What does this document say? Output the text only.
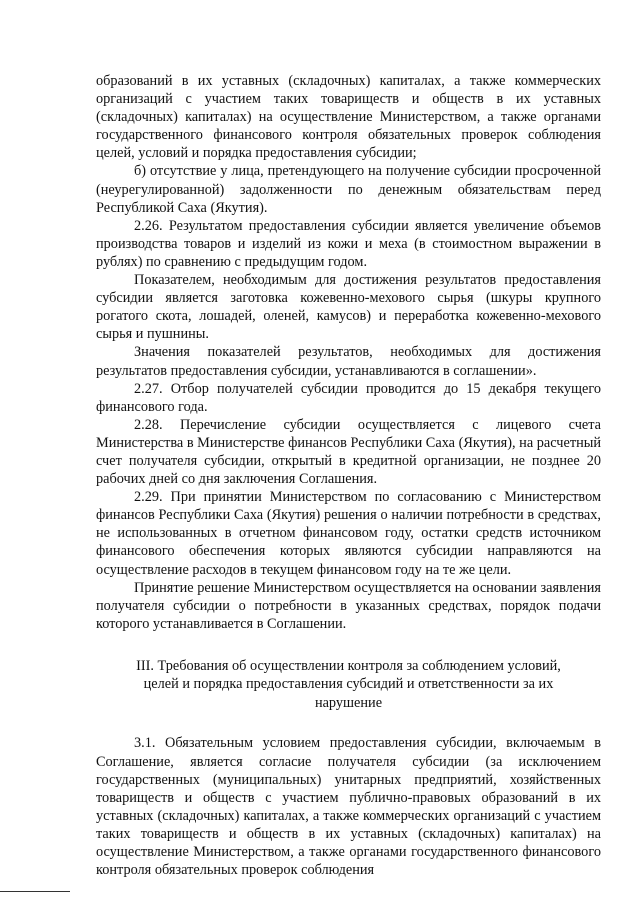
образований в их уставных (складочных) капиталах, а также коммерческих организаций с участием таких товариществ и обществ в их уставных (складочных) капиталах) на осуществление Министерством, а также органами государственного финансового контроля обязательных проверок соблюдения целей, условий и порядка предоставления субсидии;

б) отсутствие у лица, претендующего на получение субсидии просроченной (неурегулированной) задолженности по денежным обязательствам перед Республикой Саха (Якутия).

2.26. Результатом предоставления субсидии является увеличение объемов производства товаров и изделий из кожи и меха (в стоимостном выражении в рублях) по сравнению с предыдущим годом.

Показателем, необходимым для достижения результатов предоставления субсидии является заготовка кожевенно-мехового сырья (шкуры крупного рогатого скота, лошадей, оленей, камусов) и переработка кожевенно-мехового сырья и пушнины.

Значения показателей результатов, необходимых для достижения результатов предоставления субсидии, устанавливаются в соглашении».

2.27. Отбор получателей субсидии проводится до 15 декабря текущего финансового года.

2.28. Перечисление субсидии осуществляется с лицевого счета Министерства в Министерстве финансов Республики Саха (Якутия), на расчетный счет получателя субсидии, открытый в кредитной организации, не позднее 20 рабочих дней со дня заключения Соглашения.

2.29. При принятии Министерством по согласованию с Министерством финансов Республики Саха (Якутия) решения о наличии потребности в средствах, не использованных в отчетном финансовом году, остатки средств источником финансового обеспечения которых являются субсидии направляются на осуществление расходов в текущем финансовом году на те же цели.

Принятие решение Министерством осуществляется на основании заявления получателя субсидии о потребности в указанных средствах, порядок подачи которого устанавливается в Соглашении.

III. Требования об осуществлении контроля за соблюдением условий,
целей и порядка предоставления субсидий и ответственности за их
нарушение

3.1. Обязательным условием предоставления субсидии, включаемым в Соглашение, является согласие получателя субсидии (за исключением государственных (муниципальных) унитарных предприятий, хозяйственных товариществ и обществ с участием публично-правовых образований в их уставных (складочных) капиталах, а также коммерческих организаций с участием таких товариществ и обществ в их уставных (складочных) капиталах) на осуществление Министерством, а также органами государственного финансового контроля обязательных проверок соблюдения
